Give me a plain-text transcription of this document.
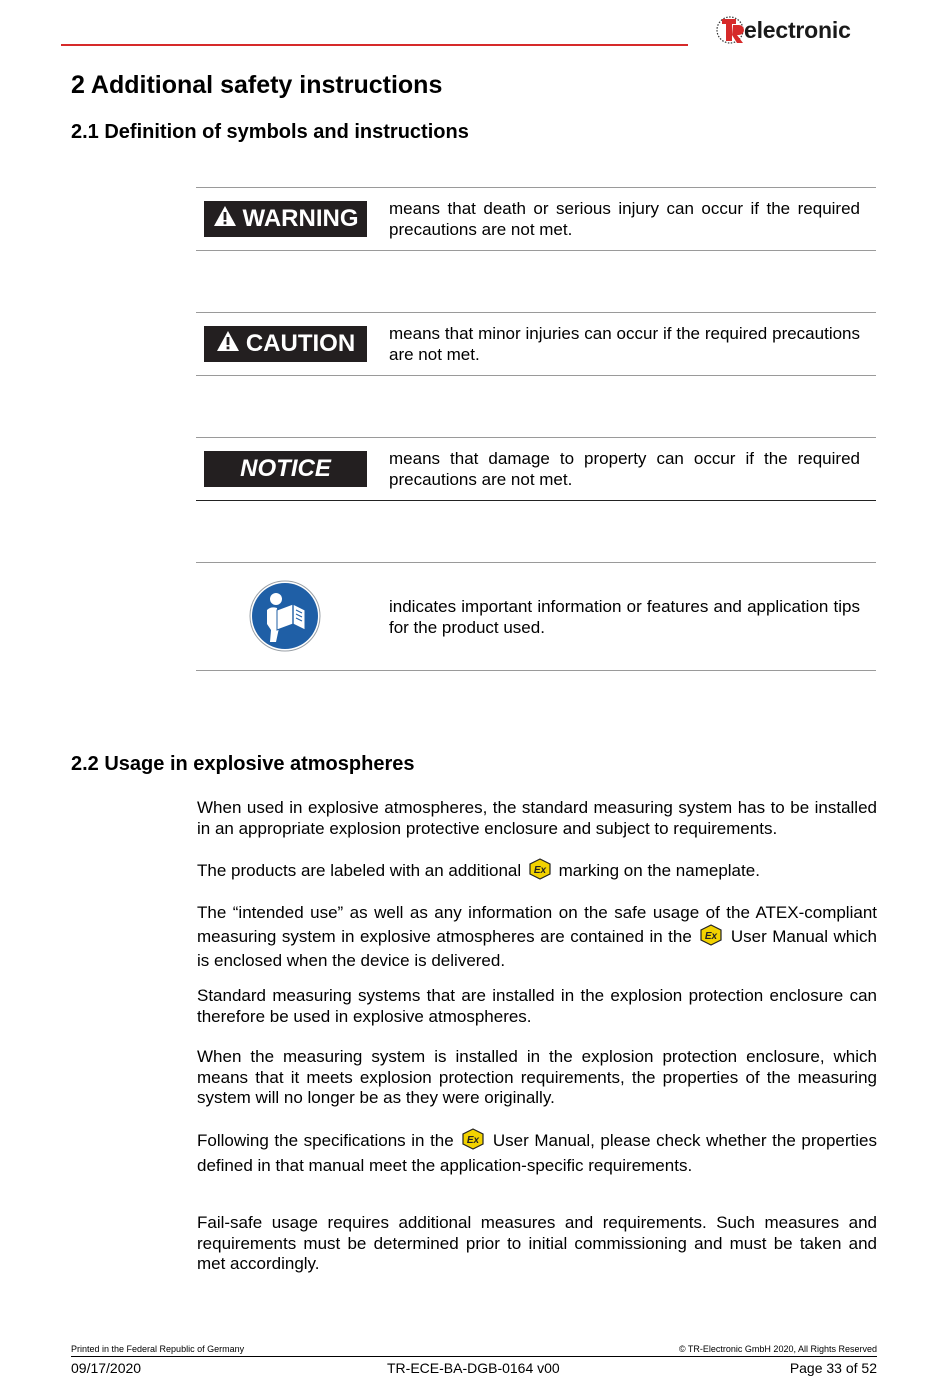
electronic
2 Additional safety instructions
2.1 Definition of symbols and instructions
WARNING means that death or serious injury can occur if the required precautions are not met.
CAUTION means that minor injuries can occur if the required precautions are not met.
NOTICE	means that damage to property can occur if the required precautions are not met.
indicates important information or features and application tips for the product used.
2.2 Usage in explosive atmospheres

When used in explosive atmospheres, the standard measuring system has to be installed in an appropriate explosion protective enclosure and subject to requirements.

The products are labeled with an additional Ex marking on the nameplate.

The “intended use” as well as any information on the safe usage of the ATEX-compliant measuring system in explosive atmospheres are contained in the Ex User Manual which is enclosed when the device is delivered.

Standard measuring systems that are installed in the explosion protection enclosure can therefore be used in explosive atmospheres.

When the measuring system is installed in the explosion protection enclosure, which means that it meets explosion protection requirements, the properties of the measuring system will no longer be as they were originally.

Following the specifications in the Ex User Manual, please check whether the properties defined in that manual meet the application-specific requirements.

Fail-safe usage requires additional measures and requirements. Such measures and requirements must be determined prior to initial commissioning and must be taken and met accordingly.

Printed in the Federal Republic of Germany	© TR-Electronic GmbH 2020, All Rights Reserved
09/17/2020	TR-ECE-BA-DGB-0164 v00	Page 33 of 52
